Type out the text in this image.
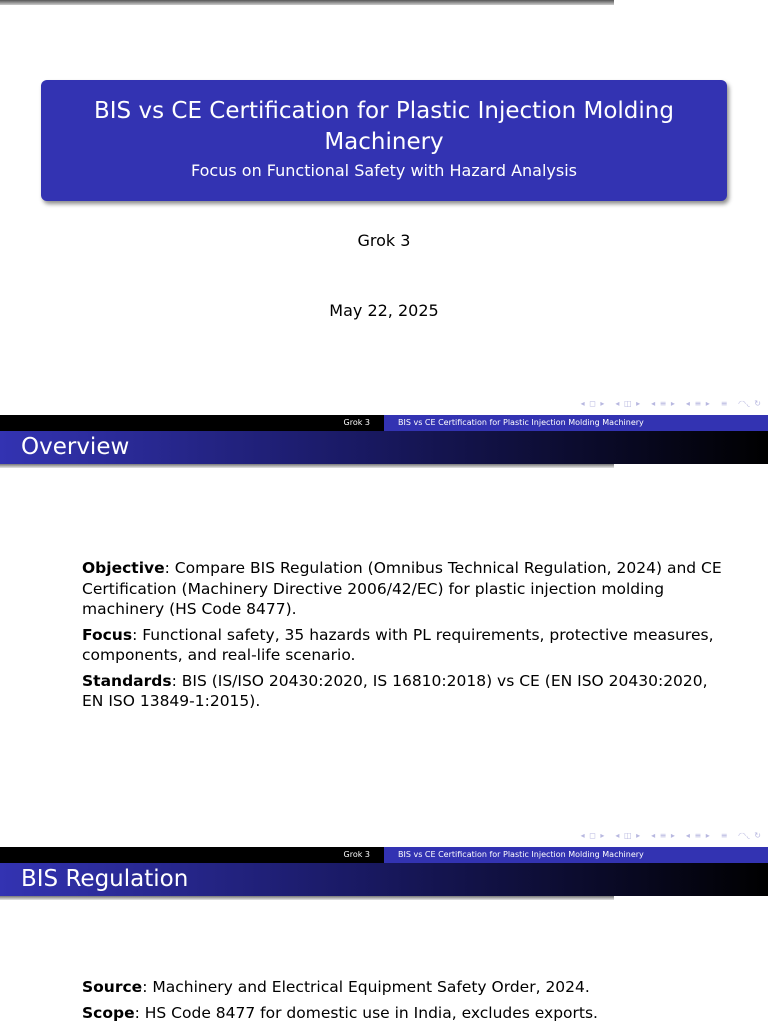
BIS vs CE Certification for Plastic Injection Molding Machinery
Focus on Functional Safety with Hazard Analysis
Grok 3
May 22, 2025
◂ ◻ ▸ ◂ ◫ ▸ ◂ ≡ ▸ ◂ ≡ ▸ ≡ ◜◝◟ ↻
Grok 3	BIS vs CE Certification for Plastic Injection Molding Machinery
Overview

Objective: Compare BIS Regulation (Omnibus Technical Regulation, 2024) and CE Certification (Machinery Directive 2006/42/EC) for plastic injection molding machinery (HS Code 8477).

Focus: Functional safety, 35 hazards with PL requirements, protective measures, components, and real-life scenario.

Standards: BIS (IS/ISO 20430:2020, IS 16810:2018) vs CE (EN ISO 20430:2020, EN ISO 13849-1:2015).

◂ ◻ ▸ ◂ ◫ ▸ ◂ ≡ ▸ ◂ ≡ ▸ ≡ ◜◝◟ ↻
Grok 3	BIS vs CE Certification for Plastic Injection Molding Machinery
BIS Regulation

Source: Machinery and Electrical Equipment Safety Order, 2024.

Scope: HS Code 8477 for domestic use in India, excludes exports.
